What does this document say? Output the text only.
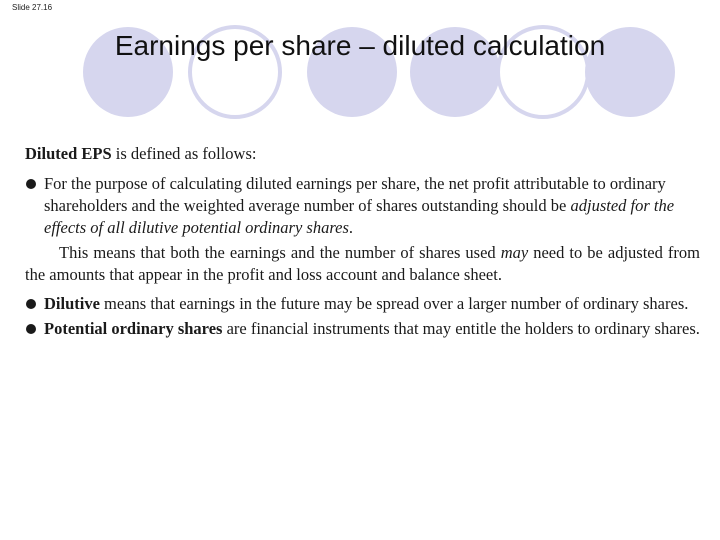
Slide 27.16
Earnings per share – diluted calculation

Diluted EPS is defined as follows:

For the purpose of calculating diluted earnings per share, the net profit attributable to ordinary shareholders and the weighted average number of shares outstanding should be adjusted for the effects of all dilutive potential ordinary shares.

This means that both the earnings and the number of shares used may need to be adjusted from the amounts that appear in the profit and loss account and balance sheet.

Dilutive means that earnings in the future may be spread over a larger number of ordinary shares.

Potential ordinary shares are financial instruments that may entitle the holders to ordinary shares.
